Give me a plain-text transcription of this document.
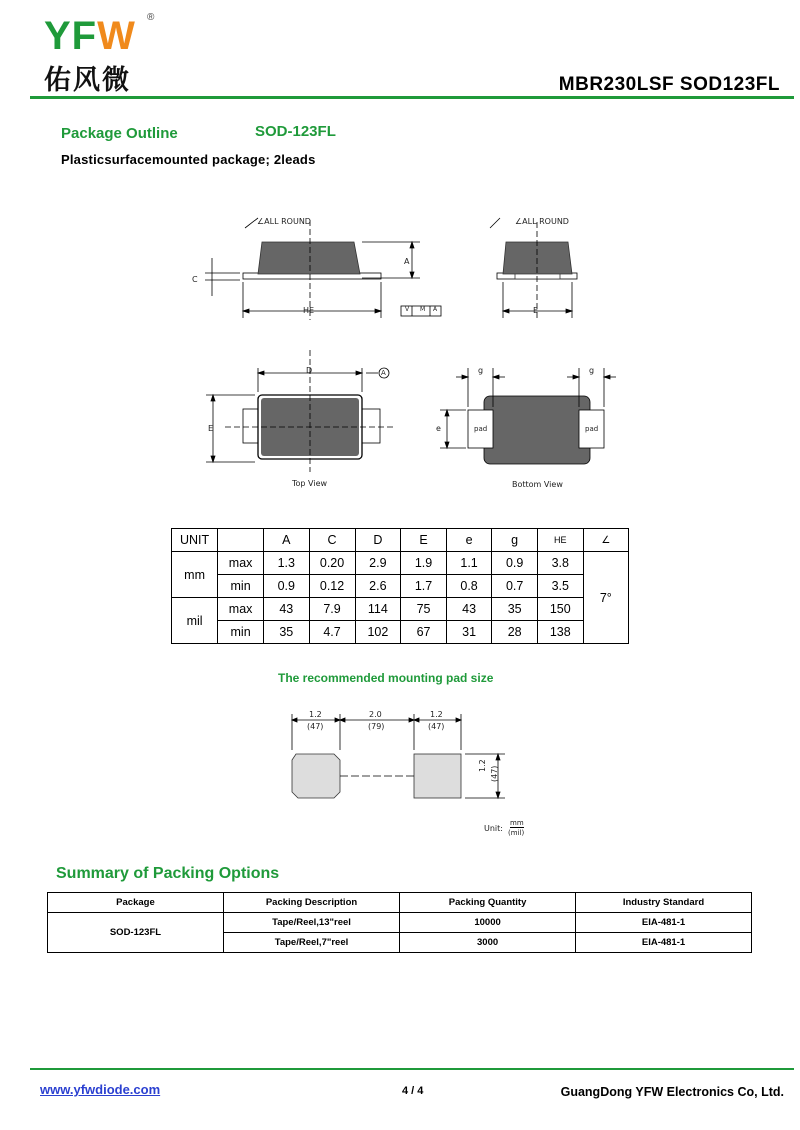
YFW ®
佑风微	MBR230LSF SOD123FL
Package Outline	SOD-123FL
Plasticsurfacemounted package; 2leads
∠ALL ROUND	∠ALL ROUND
C
A
HE	E
V M A
D	A
E
g	g
e	pad	pad
Top View	Bottom View
UNIT		A	C	D	E	e	g	HE	∠
mm	max	1.3	0.20	2.9	1.9	1.1	0.9	3.8	7°
	min	0.9	0.12	2.6	1.7	0.8	0.7	3.5	
mil	max	43	7.9	114	75	43	35	150	
	min	35	4.7	102	67	31	28	138	
The recommended mounting pad size
1.2
(47)
2.0
(79)
1.2
(47)
1.2 (47)
Unit:
mm
(mil)
Summary of Packing Options
Package	Packing Description	Packing Quantity	Industry Standard
SOD-123FL	Tape/Reel,13"reel	10000	EIA-481-1
	Tape/Reel,7"reel	3000	EIA-481-1
www.yfwdiode.com	4 / 4	GuangDong YFW Electronics Co, Ltd.
